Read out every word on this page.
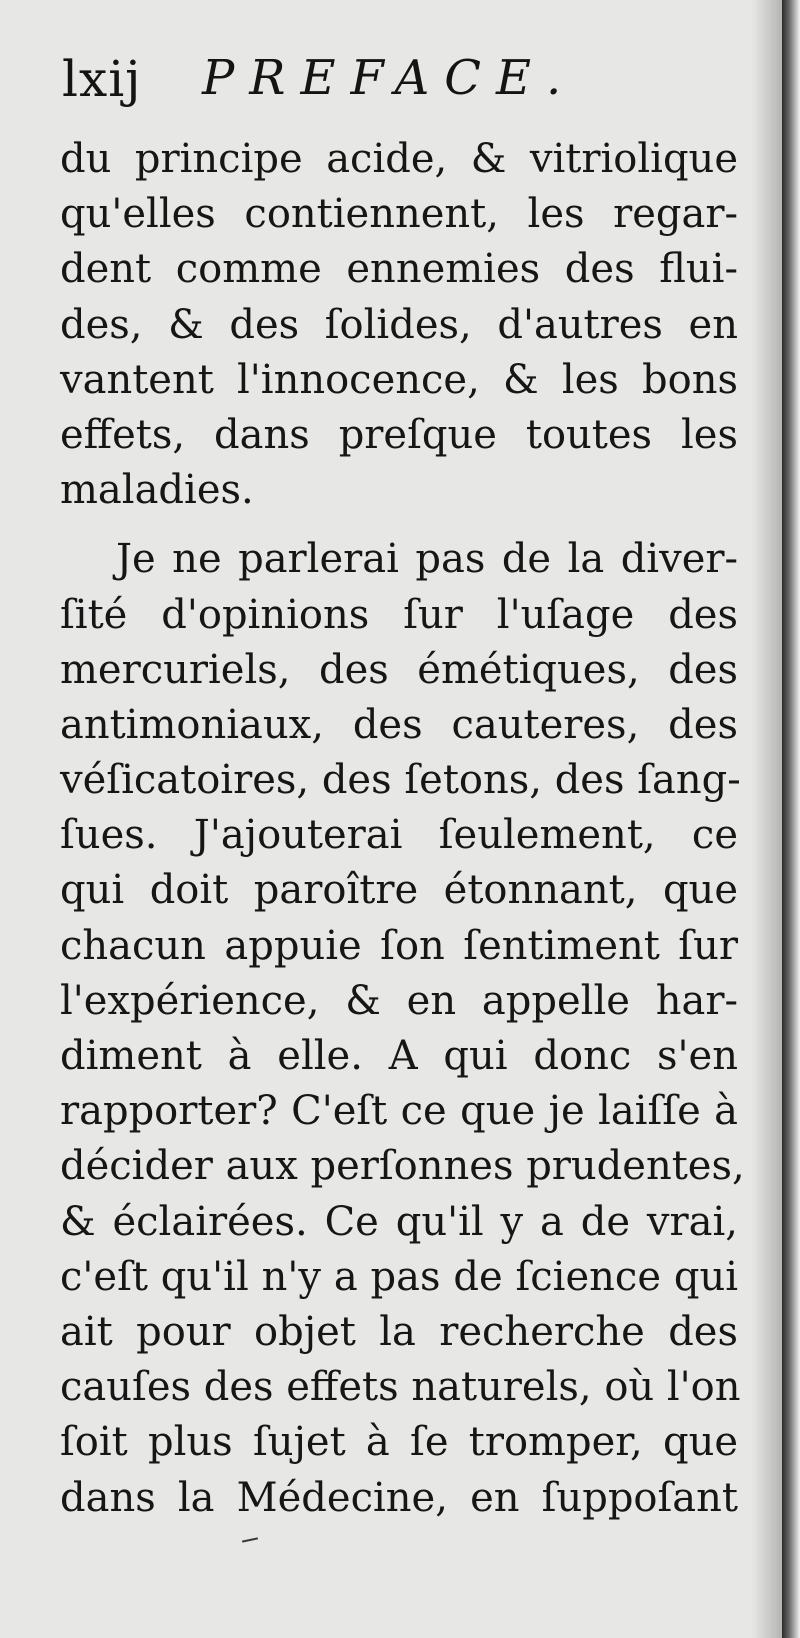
lxij PREFACE.
du principe acide, & vitriolique
qu'elles contiennent, les regar-
dent comme ennemies des flui-
des, & des ſolides, d'autres en
vantent l'innocence, & les bons
effets, dans preſque toutes les
maladies.
Je ne parlerai pas de la diver-
ſité d'opinions ſur l'uſage des
mercuriels, des émétiques, des
antimoniaux, des cauteres, des
véſicatoires, des ſetons, des ſang-
ſues. J'ajouterai ſeulement, ce
qui doit paroître étonnant, que
chacun appuie ſon ſentiment ſur
l'expérience, & en appelle har-
diment à elle. A qui donc s'en
rapporter? C'eſt ce que je laiſſe à
décider aux perſonnes prudentes,
& éclairées. Ce qu'il y a de vrai,
c'eſt qu'il n'y a pas de ſcience qui
ait pour objet la recherche des
cauſes des effets naturels, où l'on
ſoit plus ſujet à ſe tromper, que
dans la Médecine, en ſuppoſant
